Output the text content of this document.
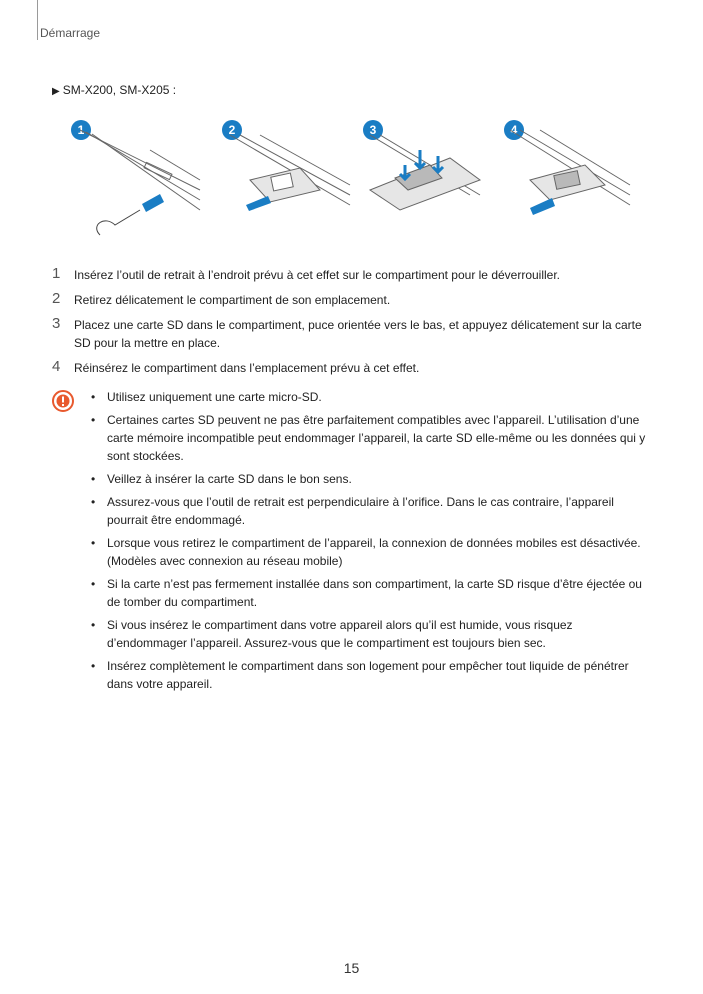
Démarrage
▶ SM-X200, SM-X205 :
1	2	3	4
1 Insérez l’outil de retrait à l’endroit prévu à cet effet sur le compartiment pour le déverrouiller.
2 Retirez délicatement le compartiment de son emplacement.
3 Placez une carte SD dans le compartiment, puce orientée vers le bas, et appuyez délicatement sur la carte SD pour la mettre en place.
4 Réinsérez le compartiment dans l’emplacement prévu à cet effet.
• Utilisez uniquement une carte micro-SD.
• Certaines cartes SD peuvent ne pas être parfaitement compatibles avec l’appareil. L’utilisation d’une carte mémoire incompatible peut endommager l’appareil, la carte SD elle-même ou les données qui y sont stockées.
• Veillez à insérer la carte SD dans le bon sens.
• Assurez-vous que l’outil de retrait est perpendiculaire à l’orifice. Dans le cas contraire, l’appareil pourrait être endommagé.
• Lorsque vous retirez le compartiment de l’appareil, la connexion de données mobiles est désactivée. (Modèles avec connexion au réseau mobile)
• Si la carte n’est pas fermement installée dans son compartiment, la carte SD risque d’être éjectée ou de tomber du compartiment.
• Si vous insérez le compartiment dans votre appareil alors qu’il est humide, vous risquez d’endommager l’appareil. Assurez-vous que le compartiment est toujours bien sec.
• Insérez complètement le compartiment dans son logement pour empêcher tout liquide de pénétrer dans votre appareil.
15
